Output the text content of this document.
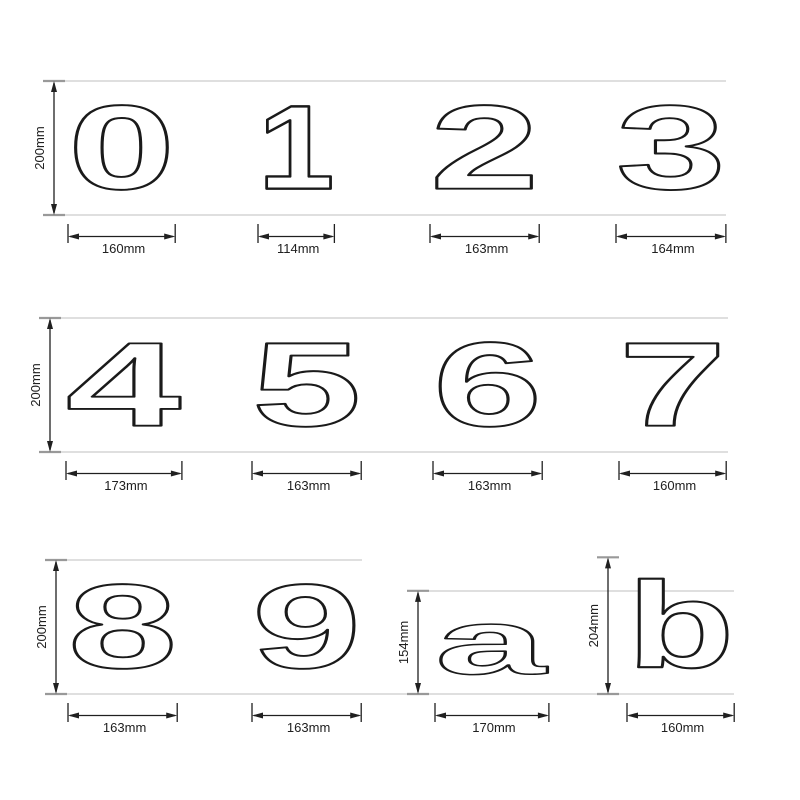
0 1 2 3
4 5 6 7
8 9 a b
200mm
160mm	114mm	163mm	164mm
200mm
173mm	163mm	163mm	160mm
200mm
163mm	163mm	170mm
154mm
160mm
204mm
